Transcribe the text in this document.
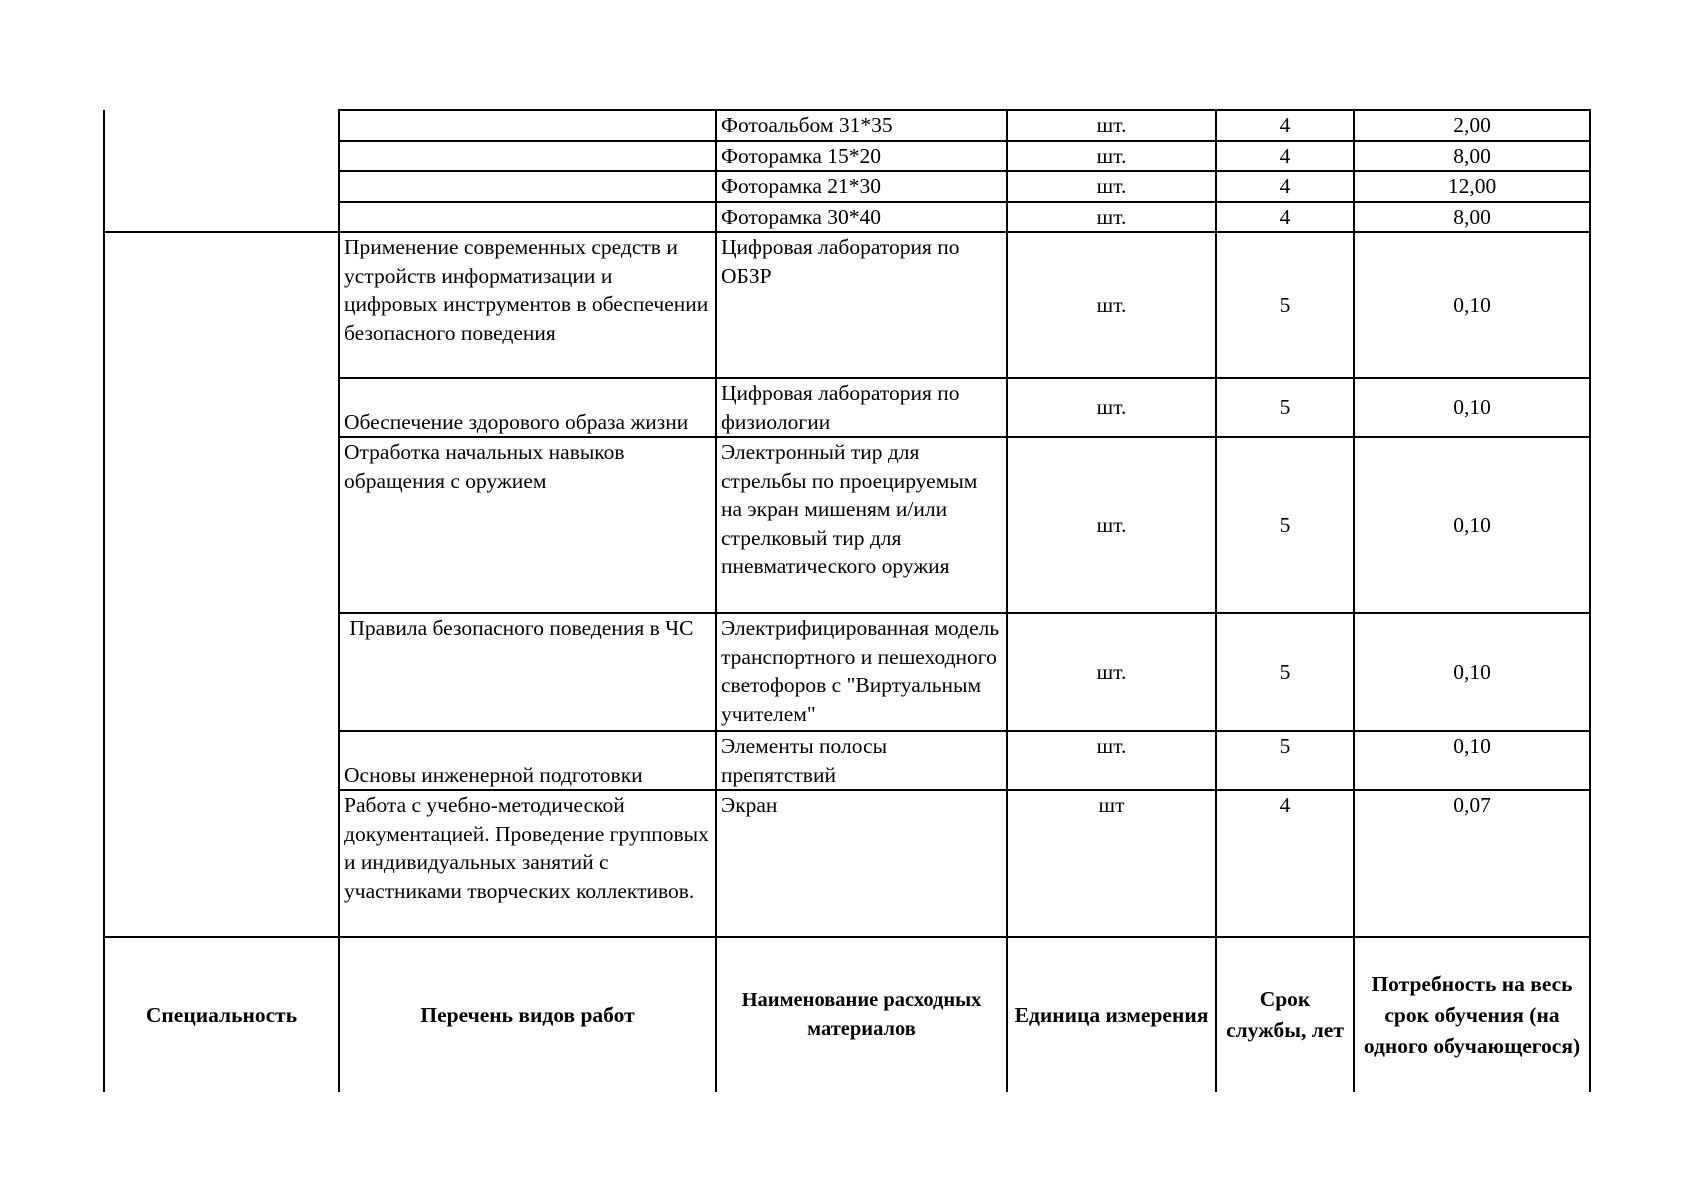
		Фотоальбом 31*35	шт.	4	2,00
		Фоторамка 15*20	шт.	4	8,00
		Фоторамка 21*30	шт.	4	12,00
		Фоторамка 30*40	шт.	4	8,00
	Применение современных средств и устройств информатизации и цифровых инструментов в обеспечении безопасного поведения	Цифровая лаборатория по ОБЗР	шт.	5	0,10
	Обеспечение здорового образа жизни	Цифровая лаборатория по физиологии	шт.	5	0,10
	Отработка начальных навыков обращения с оружием	Электронный тир для стрельбы по проецируемым на экран мишеням и/или стрелковый тир для пневматического оружия	шт.	5	0,10
	Правила безопасного поведения в ЧС	Электрифицированная модель транспортного и пешеходного светофоров с "Виртуальным учителем"	шт.	5	0,10
	Основы инженерной подготовки	Элементы полосы препятствий	шт.	5	0,10
	Работа с учебно-методической документацией. Проведение групповых и индивидуальных занятий с участниками творческих коллективов.	Экран	шт	4	0,07
Специальность	Перечень видов работ	Наименование расходных материалов	Единица измерения	Срок службы, лет	Потребность на весь срок обучения (на одного обучающегося)
